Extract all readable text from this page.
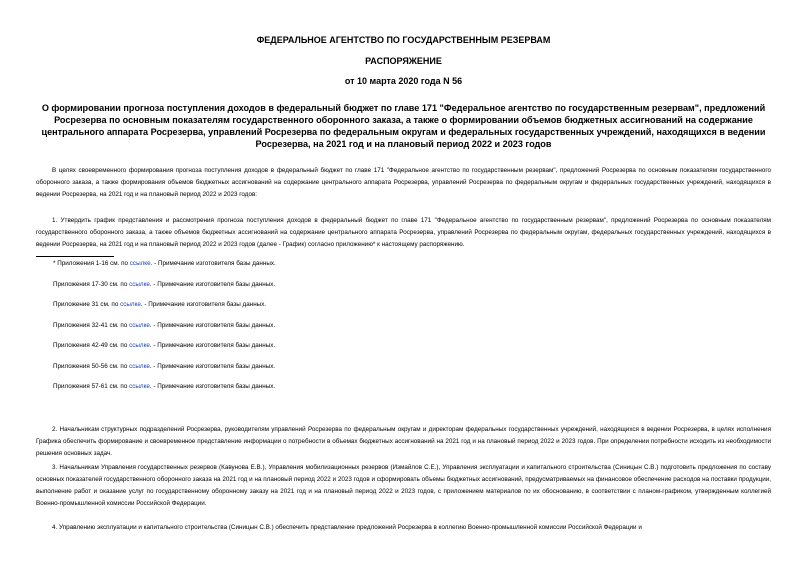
ФЕДЕРАЛЬНОЕ АГЕНТСТВО ПО ГОСУДАРСТВЕННЫМ РЕЗЕРВАМ
РАСПОРЯЖЕНИЕ
от 10 марта 2020 года N 56
О формировании прогноза поступления доходов в федеральный бюджет по главе 171 "Федеральное агентство по государственным резервам", предложений
Росрезерва по основным показателям государственного оборонного заказа, а также о формировании объемов бюджетных ассигнований на содержание
центрального аппарата Росрезерва, управлений Росрезерва по федеральным округам и федеральных государственных учреждений, находящихся в ведении
Росрезерва, на 2021 год и на плановый период 2022 и 2023 годов
В целях своевременного формирования прогноза поступления доходов в федеральный бюджет по главе 171 "Федеральное агентство по государственным резервам", предложений Росрезерва по основным показателям государственного оборонного заказа, а также формирования объемов бюджетных ассигнований на содержание центрального аппарата Росрезерва, управлений Росрезерва по федеральным округам и федеральных государственных учреждений, находящихся в ведении Росрезерва, на 2021 год и на плановый период 2022 и 2023 годов:
1. Утвердить график представления и рассмотрения прогноза поступления доходов в федеральный бюджет по главе 171 "Федеральное агентство по государственным резервам", предложений Росрезерва по основным показателям государственного оборонного заказа, а также объемов бюджетных ассигнований на содержание центрального аппарата Росрезерва, управлений Росрезерва по федеральным округам, федеральных государственных учреждений, находящихся в ведении Росрезерва, на 2021 год и на плановый период 2022 и 2023 годов (далее - График) согласно приложению* к настоящему распоряжению.
* Приложения 1-16 см. по ссылке. - Примечание изготовителя базы данных.
Приложения 17-30 см. по ссылке. - Примечание изготовителя базы данных.
Приложение 31 см. по ссылке. - Примечание изготовителя базы данных.
Приложения 32-41 см. по ссылке. - Примечание изготовителя базы данных.
Приложения 42-49 см. по ссылке. - Примечание изготовителя базы данных.
Приложения 50-56 см. по ссылке. - Примечание изготовителя базы данных.
Приложения 57-61 см. по ссылке. - Примечание изготовителя базы данных.
2. Начальникам структурных подразделений Росрезерва, руководителям управлений Росрезерва по федеральным округам и директорам федеральных государственных учреждений, находящихся в ведении Росрезерва, в целях исполнения Графика обеспечить формирование и своевременное представление информации о потребности в объемах бюджетных ассигнований на 2021 год и на плановый период 2022 и 2023 годов. При определении потребности исходить из необходимости решения основных задач.
3. Начальникам Управления государственных резервов (Кавунова Е.В.), Управления мобилизационных резервов (Измайлов С.Е.), Управления эксплуатации и капитального строительства (Синицын С.В.) подготовить предложения по составу основных показателей государственного оборонного заказа на 2021 год и на плановый период 2022 и 2023 годов и сформировать объемы бюджетных ассигнований, предусматриваемых на финансовое обеспечение расходов на поставки продукции, выполнение работ и оказание услуг по государственному оборонному заказу на 2021 год и на плановый период 2022 и 2023 годов, с приложением материалов по их обоснованию, в соответствии с планом-графиком, утвержденным коллегией Военно-промышленной комиссии Российской Федерации.
4. Управлению эксплуатации и капитального строительства (Синицын С.В.) обеспечить представление предложений Росрезерва в коллегию Военно-промышленной комиссии Российской Федерации и
